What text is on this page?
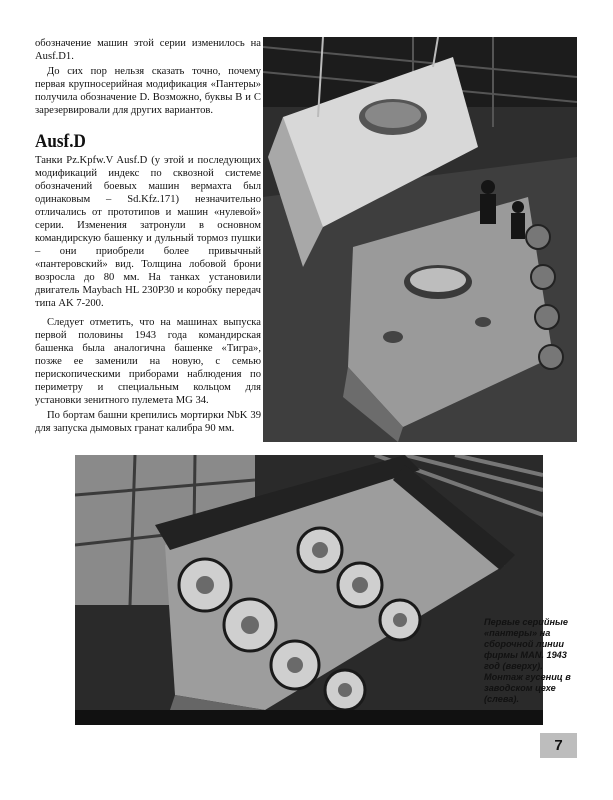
обозначение машин этой серии изменилось на Ausf.D1.

До сих пор нельзя сказать точно, почему первая крупносерийная модификация «Пантеры» получила обозначение D. Возможно, буквы B и C зарезервировали для других вариантов.

Ausf.D

Танки Pz.Kpfw.V Ausf.D (у этой и последующих модификаций индекс по сквозной системе обозначений боевых машин вермахта был одинаковым – Sd.Kfz.171) незначительно отличались от прототипов и машин «нулевой» серии. Изменения затронули в основном командирскую башенку и дульный тормоз пушки – они приобрели более привычный «пантеровский» вид. Толщина лобовой брони возросла до 80 мм. На танках установили двигатель Maybach HL 230P30 и коробку передач типа AK 7-200.

Следует отметить, что на машинах выпуска первой половины 1943 года командирская башенка была аналогична башенке «Тигра», позже ее заменили на новую, с семью перископическими приборами наблюдения по периметру и специальным кольцом для установки зенитного пулемета MG 34.

По бортам башни крепились мортирки NbK 39 для запуска дымовых гранат калибра 90 мм.

Первые серийные «пантеры» на сборочной линии фирмы MAN. 1943 год (вверху). Монтаж гусениц в заводском цехе (слева).
7
